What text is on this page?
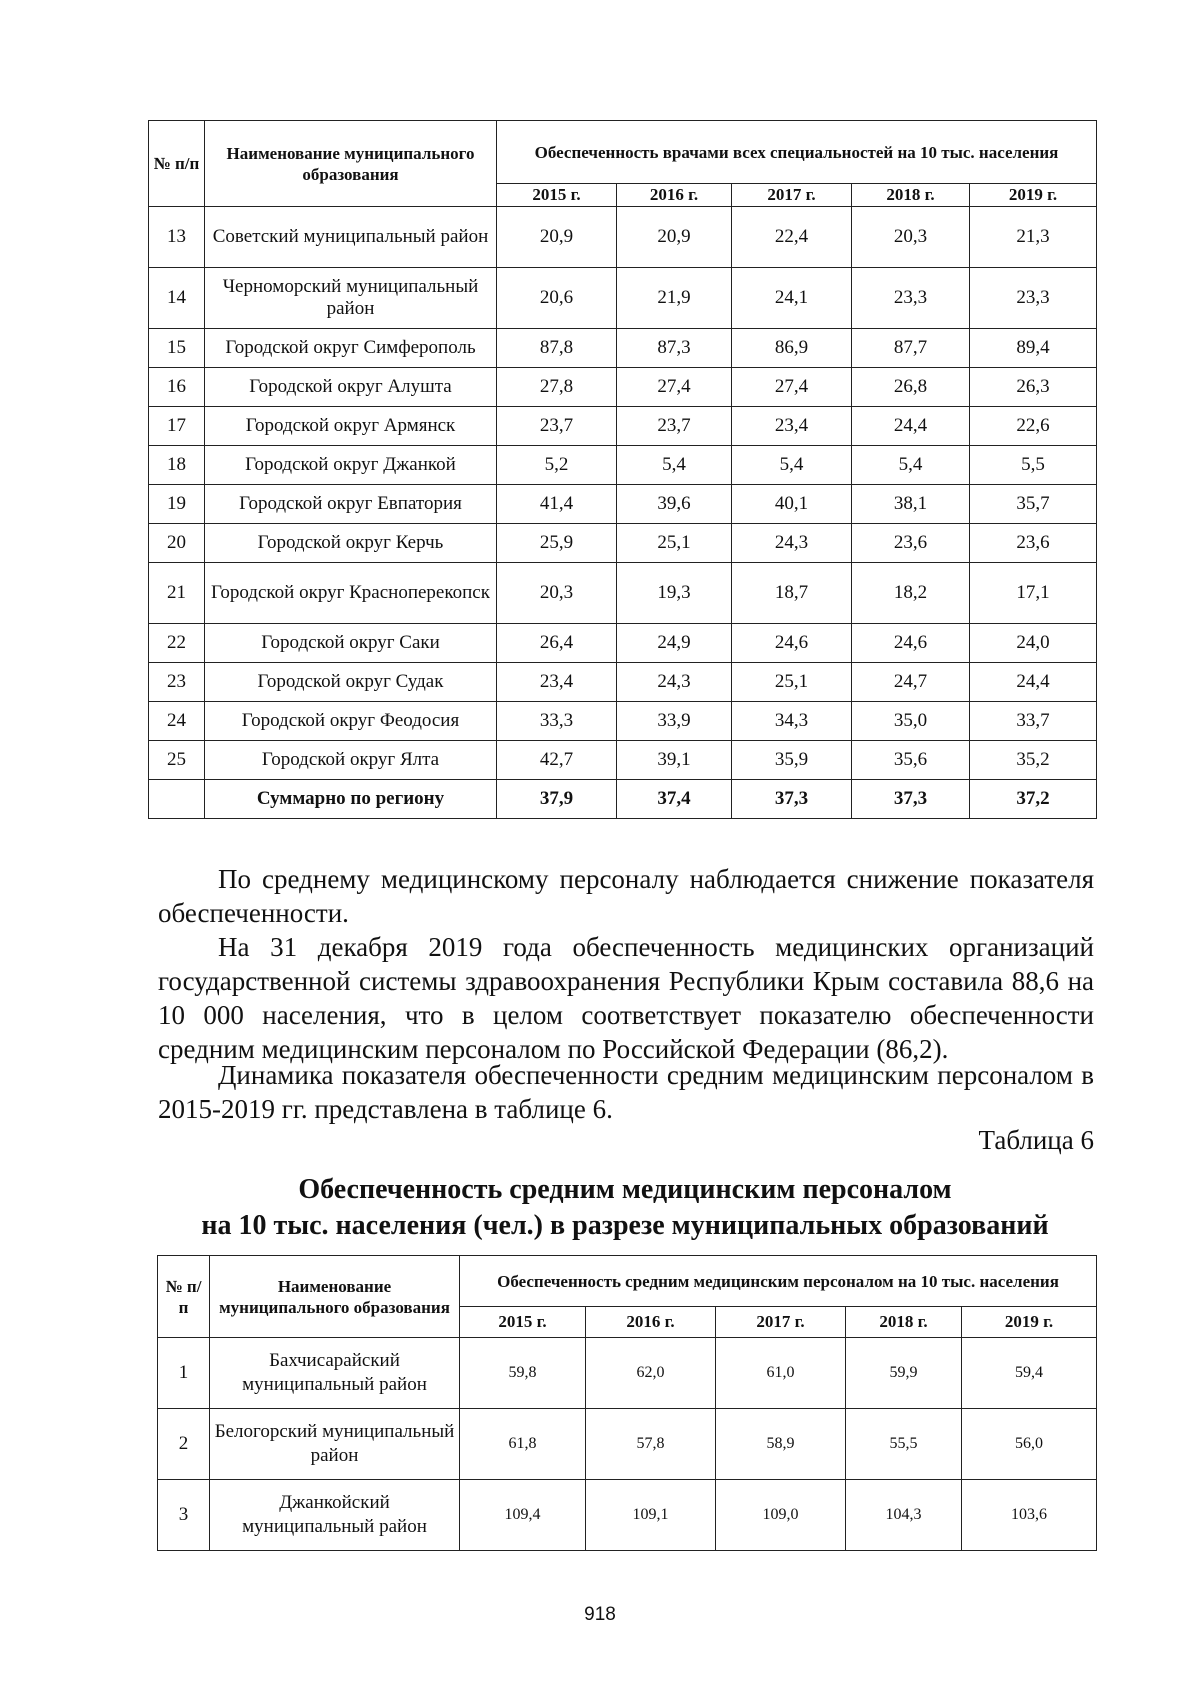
№ п/п	Наименование муниципального образования	Обеспеченность врачами всех специальностей на 10 тыс. населения				
		2015 г.	2016 г.	2017 г.	2018 г.	2019 г.
13	Советский муниципальный район	20,9	20,9	22,4	20,3	21,3
14	Черноморский муниципальный район	20,6	21,9	24,1	23,3	23,3
15	Городской округ Симферополь	87,8	87,3	86,9	87,7	89,4
16	Городской округ Алушта	27,8	27,4	27,4	26,8	26,3
17	Городской округ Армянск	23,7	23,7	23,4	24,4	22,6
18	Городской округ Джанкой	5,2	5,4	5,4	5,4	5,5
19	Городской округ Евпатория	41,4	39,6	40,1	38,1	35,7
20	Городской округ Керчь	25,9	25,1	24,3	23,6	23,6
21	Городской округ Красноперекопск	20,3	19,3	18,7	18,2	17,1
22	Городской округ Саки	26,4	24,9	24,6	24,6	24,0
23	Городской округ Судак	23,4	24,3	25,1	24,7	24,4
24	Городской округ Феодосия	33,3	33,9	34,3	35,0	33,7
25	Городской округ Ялта	42,7	39,1	35,9	35,6	35,2
	Суммарно по региону	37,9	37,4	37,3	37,3	37,2

По среднему медицинскому персоналу наблюдается снижение показателя обеспеченности.

На 31 декабря 2019 года обеспеченность медицинских организаций государственной системы здравоохранения Республики Крым составила 88,6 на 10 000 населения, что в целом соответствует показателю обеспеченности средним медицинским персоналом по Российской Федерации (86,2).

Динамика показателя обеспеченности средним медицинским персоналом в 2015-2019 гг. представлена в таблице 6.

Таблица 6

Обеспеченность средним медицинским персоналом
на 10 тыс. населения (чел.) в разрезе муниципальных образований
№ п/п	Наименование муниципального образования	Обеспеченность средним медицинским персоналом на 10 тыс. населения				
		2015 г.	2016 г.	2017 г.	2018 г.	2019 г.
1	Бахчисарайский муниципальный район	59,8	62,0	61,0	59,9	59,4
2	Белогорский муниципальный район	61,8	57,8	58,9	55,5	56,0
3	Джанкойский муниципальный район	109,4	109,1	109,0	104,3	103,6

918
